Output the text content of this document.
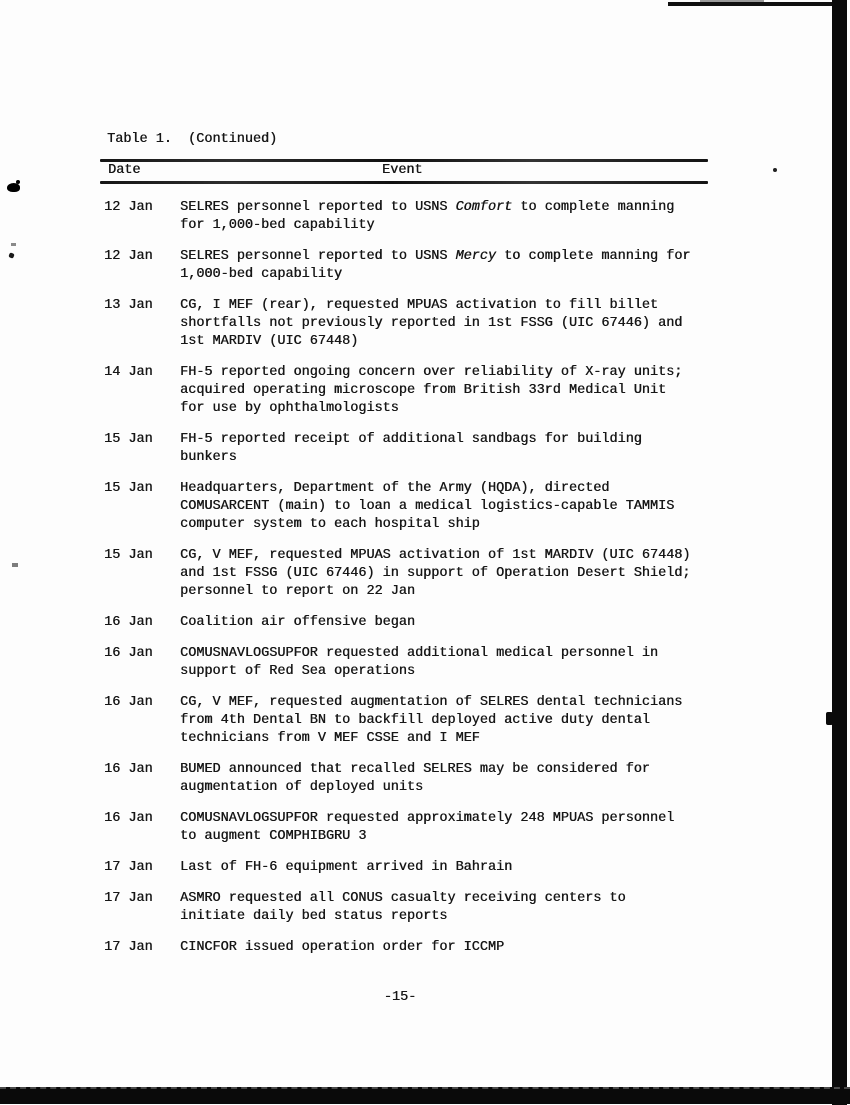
Table 1.  (Continued)
Date	Event
12 Jan	SELRES personnel reported to USNS Comfort to complete manning
for 1,000-bed capability
12 Jan	SELRES personnel reported to USNS Mercy to complete manning for
1,000-bed capability
13 Jan	CG, I MEF (rear), requested MPUAS activation to fill billet
shortfalls not previously reported in 1st FSSG (UIC 67446) and
1st MARDIV (UIC 67448)
14 Jan	FH-5 reported ongoing concern over reliability of X-ray units;
acquired operating microscope from British 33rd Medical Unit
for use by ophthalmologists
15 Jan	FH-5 reported receipt of additional sandbags for building
bunkers
15 Jan	Headquarters, Department of the Army (HQDA), directed
COMUSARCENT (main) to loan a medical logistics-capable TAMMIS
computer system to each hospital ship
15 Jan	CG, V MEF, requested MPUAS activation of 1st MARDIV (UIC 67448)
and 1st FSSG (UIC 67446) in support of Operation Desert Shield;
personnel to report on 22 Jan
16 Jan	Coalition air offensive began
16 Jan	COMUSNAVLOGSUPFOR requested additional medical personnel in
support of Red Sea operations
16 Jan	CG, V MEF, requested augmentation of SELRES dental technicians
from 4th Dental BN to backfill deployed active duty dental
technicians from V MEF CSSE and I MEF
16 Jan	BUMED announced that recalled SELRES may be considered for
augmentation of deployed units
16 Jan	COMUSNAVLOGSUPFOR requested approximately 248 MPUAS personnel
to augment COMPHIBGRU 3
17 Jan	Last of FH-6 equipment arrived in Bahrain
17 Jan	ASMRO requested all CONUS casualty receiving centers to
initiate daily bed status reports
17 Jan	CINCFOR issued operation order for ICCMP
-15-
